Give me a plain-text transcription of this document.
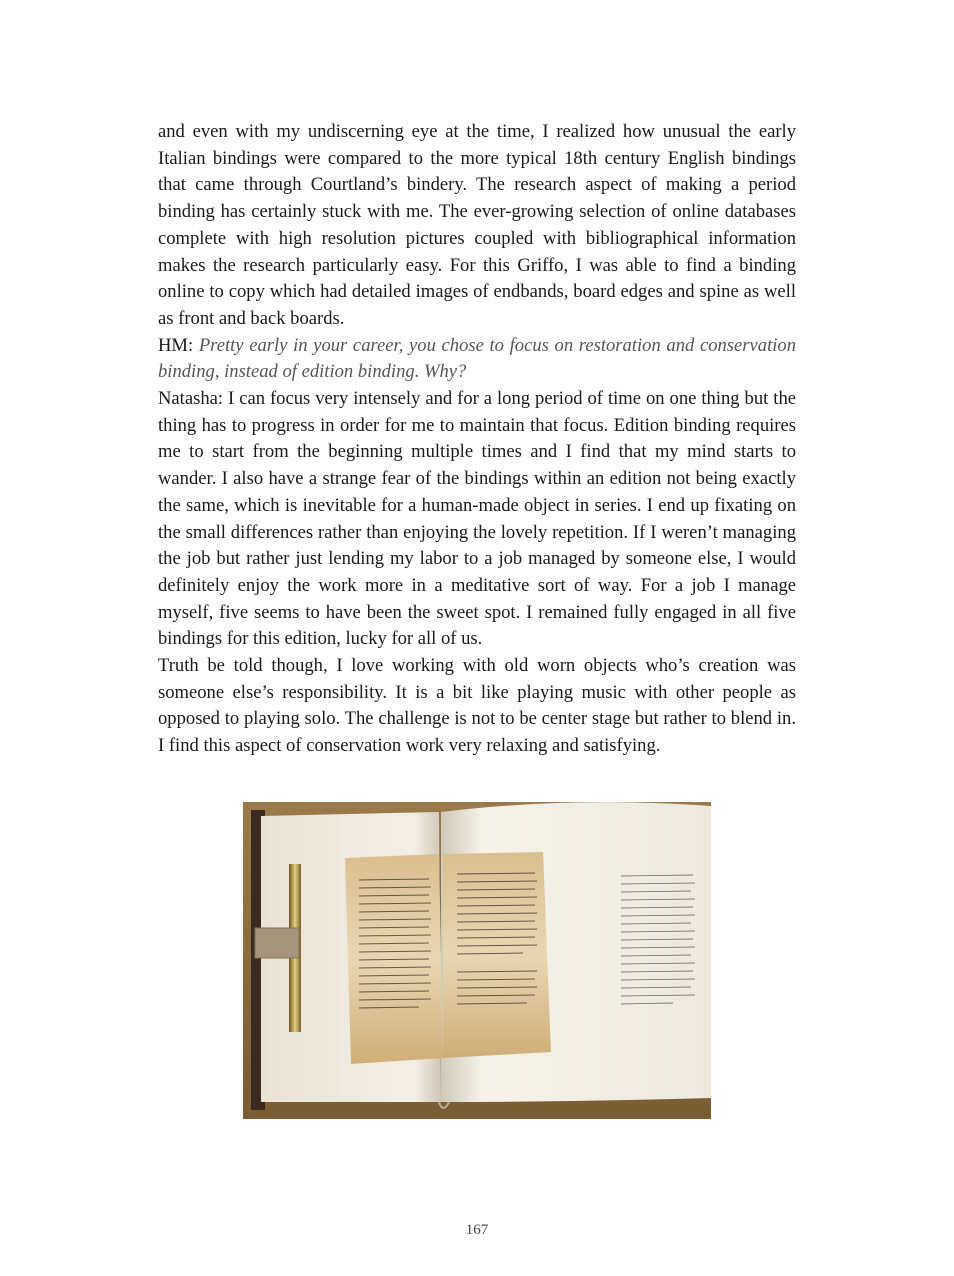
and even with my undiscerning eye at the time, I realized how unusual the early Italian bindings were compared to the more typical 18th century English bindings that came through Courtland’s bindery. The research aspect of making a period binding has certainly stuck with me. The ever-growing selection of online databases complete with high resolution pictures coupled with bibliographical information makes the research particularly easy. For this Griffo, I was able to find a binding online to copy which had detailed images of endbands, board edges and spine as well as front and back boards.

HM: Pretty early in your career, you chose to focus on restoration and conservation binding, instead of edition binding. Why?

Natasha: I can focus very intensely and for a long period of time on one thing but the thing has to progress in order for me to maintain that focus. Edition binding requires me to start from the beginning multiple times and I find that my mind starts to wander. I also have a strange fear of the bindings within an edition not being exactly the same, which is inevitable for a human-made object in series. I end up fixating on the small differences rather than enjoying the lovely repetition. If I weren’t managing the job but rather just lending my labor to a job managed by someone else, I would definitely enjoy the work more in a meditative sort of way. For a job I manage myself, five seems to have been the sweet spot. I remained fully engaged in all five bindings for this edition, lucky for all of us.

Truth be told though, I love working with old worn objects who’s creation was someone else’s responsibility. It is a bit like playing music with other people as opposed to playing solo. The challenge is not to be center stage but rather to blend in. I find this aspect of conservation work very relaxing and satisfying.

167
